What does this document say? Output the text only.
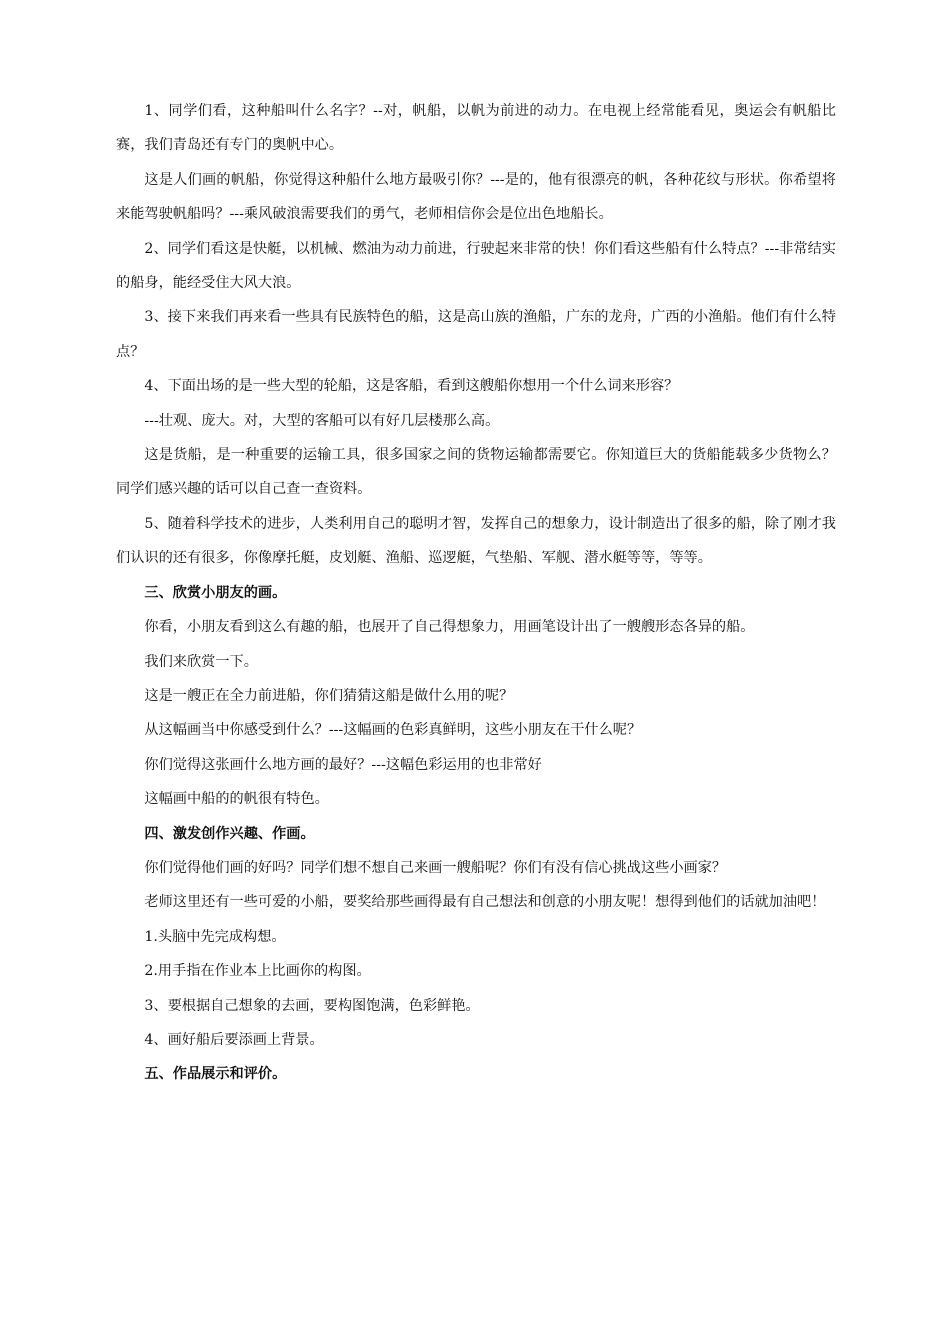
1、同学们看，这种船叫什么名字？--对，帆船，以帆为前进的动力。在电视上经常能看见，奥运会有帆船比赛，我们青岛还有专门的奥帆中心。

这是人们画的帆船，你觉得这种船什么地方最吸引你？---是的，他有很漂亮的帆，各种花纹与形状。你希望将来能驾驶帆船吗？---乘风破浪需要我们的勇气，老师相信你会是位出色地船长。

2、同学们看这是快艇，以机械、燃油为动力前进，行驶起来非常的快！你们看这些船有什么特点？---非常结实的船身，能经受住大风大浪。

3、接下来我们再来看一些具有民族特色的船，这是高山族的渔船，广东的龙舟，广西的小渔船。他们有什么特点？

4、下面出场的是一些大型的轮船，这是客船，看到这艘船你想用一个什么词来形容？

---壮观、庞大。对，大型的客船可以有好几层楼那么高。

这是货船，是一种重要的运输工具，很多国家之间的货物运输都需要它。你知道巨大的货船能载多少货物么？同学们感兴趣的话可以自己查一查资料。

5、随着科学技术的进步，人类利用自己的聪明才智，发挥自己的想象力，设计制造出了很多的船，除了刚才我们认识的还有很多，你像摩托艇，皮划艇、渔船、巡逻艇，气垫船、军舰、潜水艇等等，等等。

三、欣赏小朋友的画。

你看，小朋友看到这么有趣的船，也展开了自己得想象力，用画笔设计出了一艘艘形态各异的船。

我们来欣赏一下。

这是一艘正在全力前进船，你们猜猜这船是做什么用的呢？

从这幅画当中你感受到什么？---这幅画的色彩真鲜明，这些小朋友在干什么呢？

你们觉得这张画什么地方画的最好？---这幅色彩运用的也非常好

这幅画中船的的帆很有特色。

四、激发创作兴趣、作画。

你们觉得他们画的好吗？同学们想不想自己来画一艘船呢？你们有没有信心挑战这些小画家？

老师这里还有一些可爱的小船，要奖给那些画得最有自己想法和创意的小朋友呢！想得到他们的话就加油吧！

1.头脑中先完成构想。

2.用手指在作业本上比画你的构图。

3、要根据自己想象的去画，要构图饱满，色彩鲜艳。

4、画好船后要添画上背景。

五、作品展示和评价。
